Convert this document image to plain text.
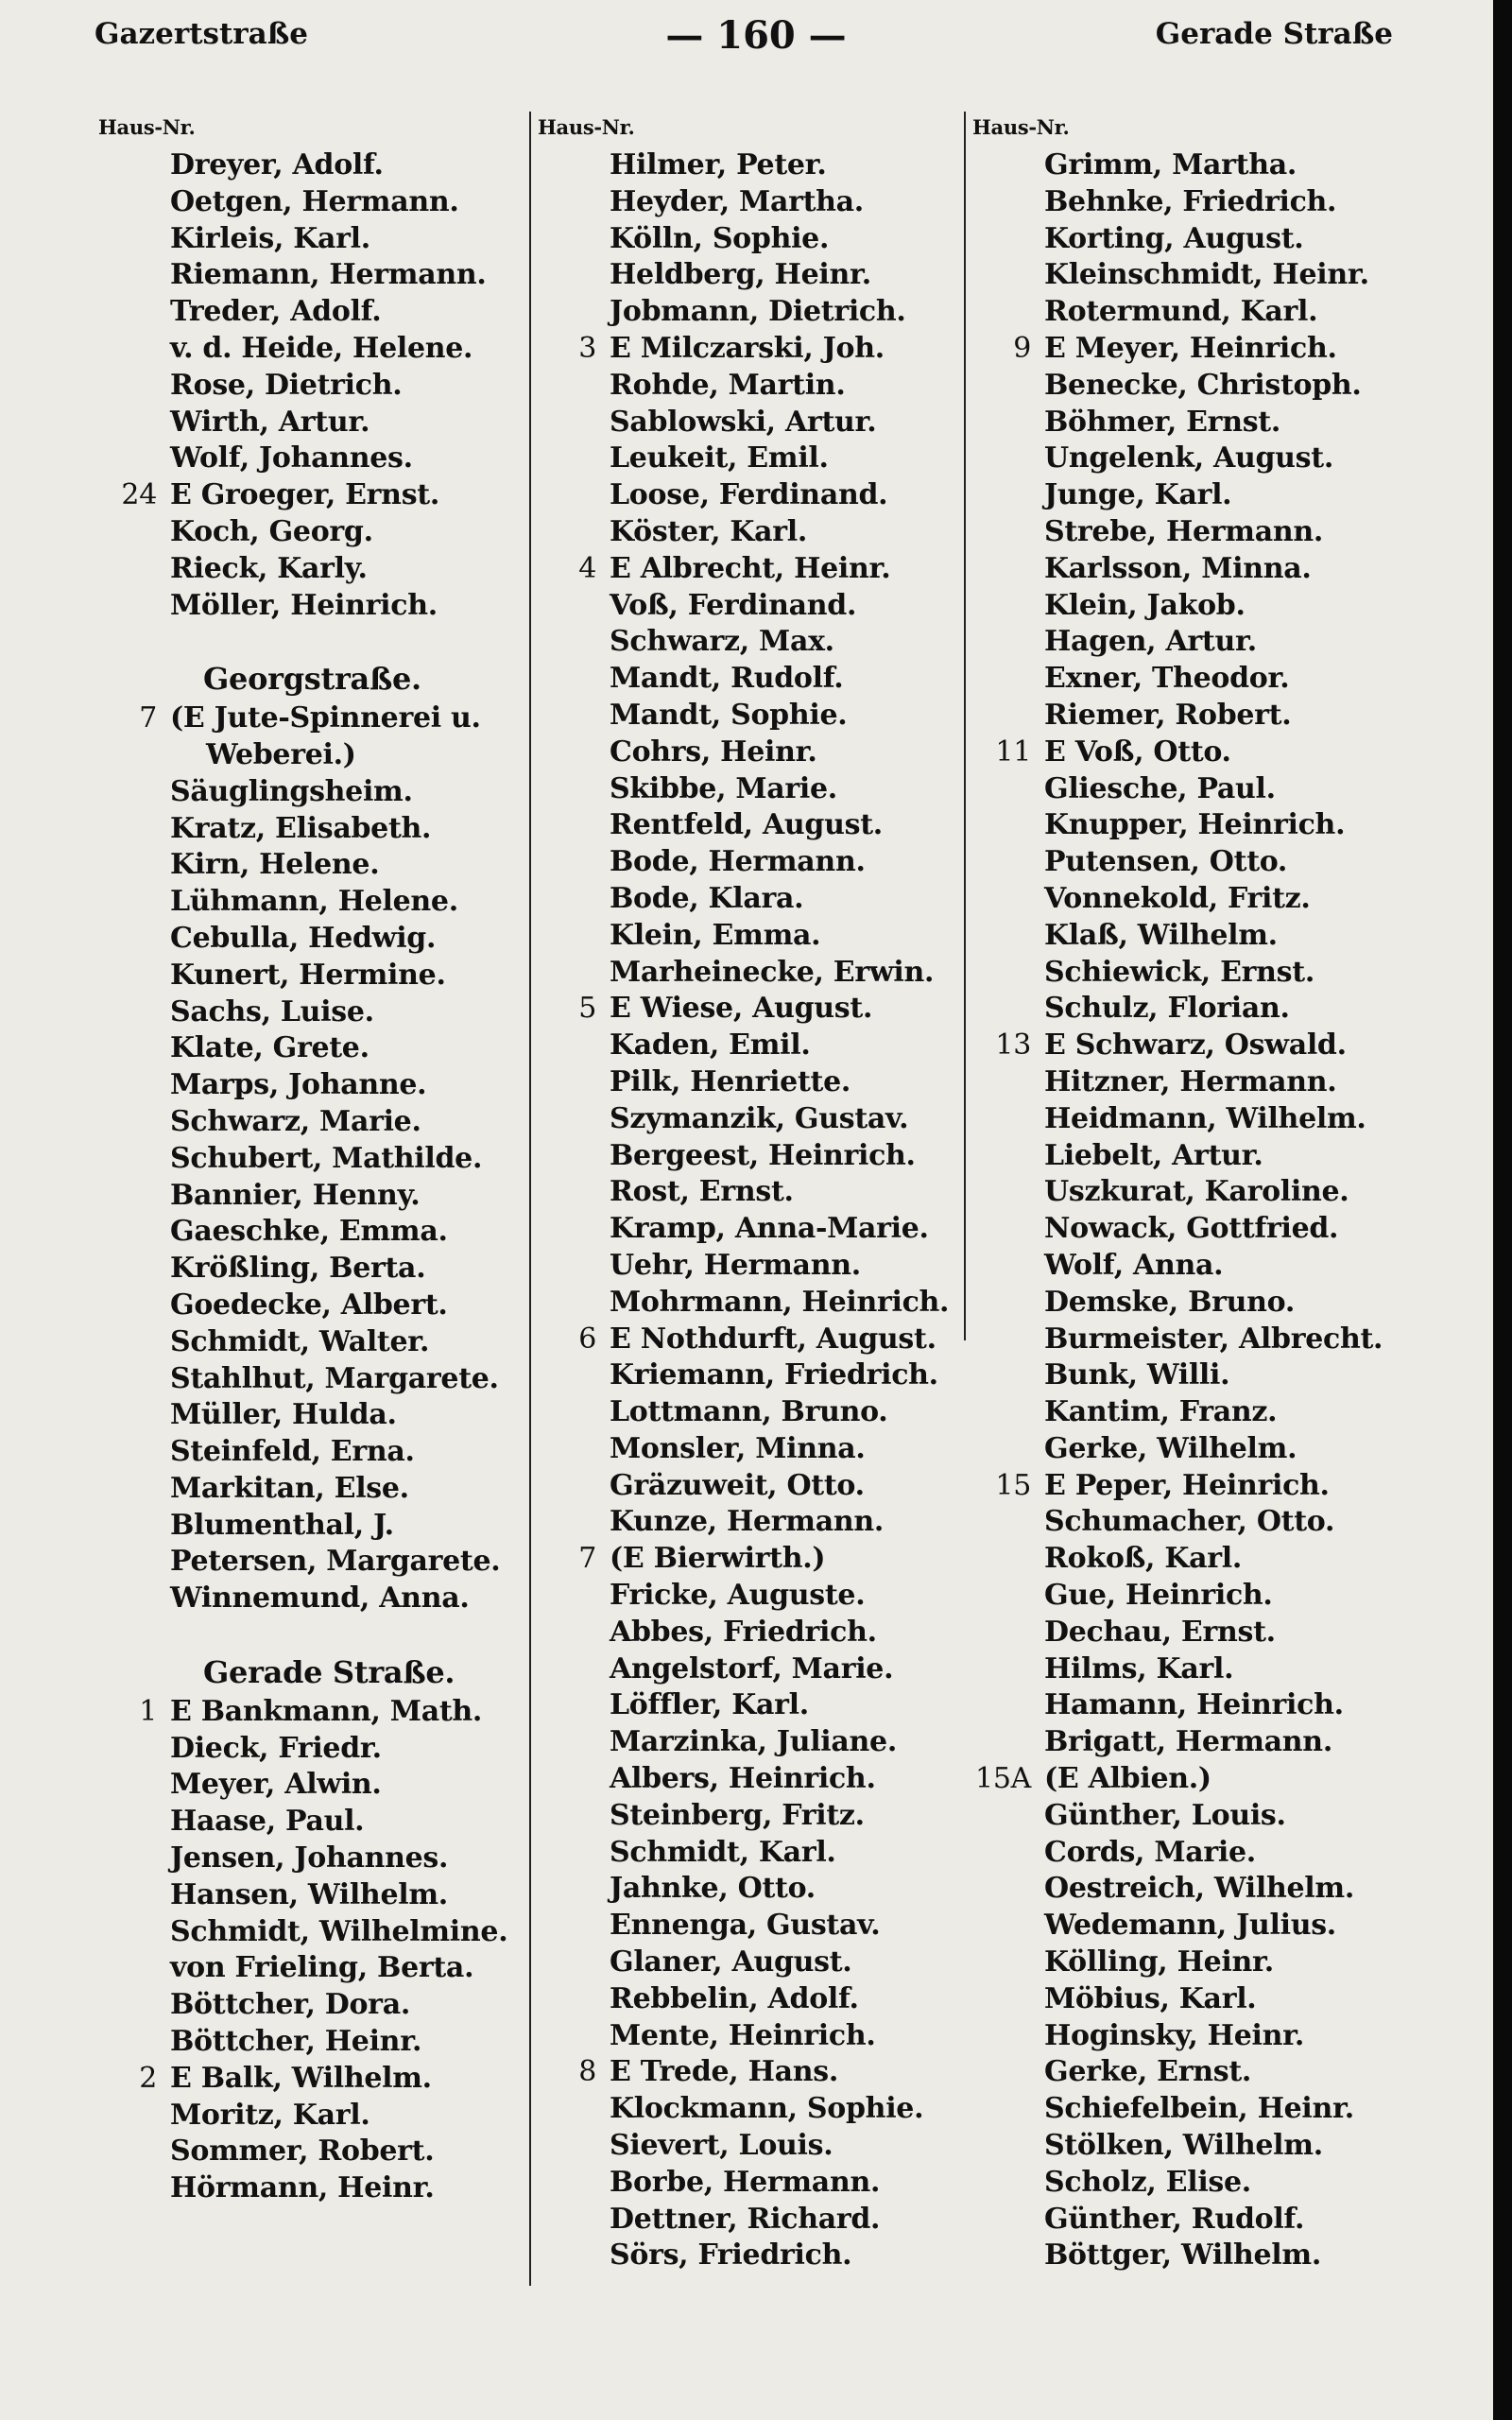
Gazertstraße	— 160 —	Gerade Straße
Haus-Nr.
Dreyer, Adolf.
Oetgen, Hermann.
Kirleis, Karl.
Riemann, Hermann.
Treder, Adolf.
v. d. Heide, Helene.
Rose, Dietrich.
Wirth, Artur.
Wolf, Johannes.
24 E Groeger, Ernst.
Koch, Georg.
Rieck, Karly.
Möller, Heinrich.
Georgstraße.
7 (E Jute-Spinnerei u.
Weberei.)
Säuglingsheim.
Kratz, Elisabeth.
Kirn, Helene.
Lühmann, Helene.
Cebulla, Hedwig.
Kunert, Hermine.
Sachs, Luise.
Klate, Grete.
Marps, Johanne.
Schwarz, Marie.
Schubert, Mathilde.
Bannier, Henny.
Gaeschke, Emma.
Krößling, Berta.
Goedecke, Albert.
Schmidt, Walter.
Stahlhut, Margarete.
Müller, Hulda.
Steinfeld, Erna.
Markitan, Else.
Blumenthal, J.
Petersen, Margarete.
Winnemund, Anna.
Gerade Straße.
1 E Bankmann, Math.
Dieck, Friedr.
Meyer, Alwin.
Haase, Paul.
Jensen, Johannes.
Hansen, Wilhelm.
Schmidt, Wilhelmine.
von Frieling, Berta.
Böttcher, Dora.
Böttcher, Heinr.
2 E Balk, Wilhelm.
Moritz, Karl.
Sommer, Robert.
Hörmann, Heinr.
Haus-Nr.
Hilmer, Peter.
Heyder, Martha.
Kölln, Sophie.
Heldberg, Heinr.
Jobmann, Dietrich.
3 E Milczarski, Joh.
Rohde, Martin.
Sablowski, Artur.
Leukeit, Emil.
Loose, Ferdinand.
Köster, Karl.
4 E Albrecht, Heinr.
Voß, Ferdinand.
Schwarz, Max.
Mandt, Rudolf.
Mandt, Sophie.
Cohrs, Heinr.
Skibbe, Marie.
Rentfeld, August.
Bode, Hermann.
Bode, Klara.
Klein, Emma.
Marheinecke, Erwin.
5 E Wiese, August.
Kaden, Emil.
Pilk, Henriette.
Szymanzik, Gustav.
Bergeest, Heinrich.
Rost, Ernst.
Kramp, Anna-Marie.
Uehr, Hermann.
Mohrmann, Heinrich.
6 E Nothdurft, August.
Kriemann, Friedrich.
Lottmann, Bruno.
Monsler, Minna.
Gräzuweit, Otto.
Kunze, Hermann.
7 (E Bierwirth.)
Fricke, Auguste.
Abbes, Friedrich.
Angelstorf, Marie.
Löffler, Karl.
Marzinka, Juliane.
Albers, Heinrich.
Steinberg, Fritz.
Schmidt, Karl.
Jahnke, Otto.
Ennenga, Gustav.
Glaner, August.
Rebbelin, Adolf.
Mente, Heinrich.
8 E Trede, Hans.
Klockmann, Sophie.
Sievert, Louis.
Borbe, Hermann.
Dettner, Richard.
Sörs, Friedrich.
Haus-Nr.
Grimm, Martha.
Behnke, Friedrich.
Korting, August.
Kleinschmidt, Heinr.
Rotermund, Karl.
9 E Meyer, Heinrich.
Benecke, Christoph.
Böhmer, Ernst.
Ungelenk, August.
Junge, Karl.
Strebe, Hermann.
Karlsson, Minna.
Klein, Jakob.
Hagen, Artur.
Exner, Theodor.
Riemer, Robert.
11 E Voß, Otto.
Gliesche, Paul.
Knupper, Heinrich.
Putensen, Otto.
Vonnekold, Fritz.
Klaß, Wilhelm.
Schiewick, Ernst.
Schulz, Florian.
13 E Schwarz, Oswald.
Hitzner, Hermann.
Heidmann, Wilhelm.
Liebelt, Artur.
Uszkurat, Karoline.
Nowack, Gottfried.
Wolf, Anna.
Demske, Bruno.
Burmeister, Albrecht.
Bunk, Willi.
Kantim, Franz.
Gerke, Wilhelm.
15 E Peper, Heinrich.
Schumacher, Otto.
Rokoß, Karl.
Gue, Heinrich.
Dechau, Ernst.
Hilms, Karl.
Hamann, Heinrich.
Brigatt, Hermann.
15A (E Albien.)
Günther, Louis.
Cords, Marie.
Oestreich, Wilhelm.
Wedemann, Julius.
Kölling, Heinr.
Möbius, Karl.
Hoginsky, Heinr.
Gerke, Ernst.
Schiefelbein, Heinr.
Stölken, Wilhelm.
Scholz, Elise.
Günther, Rudolf.
Böttger, Wilhelm.
